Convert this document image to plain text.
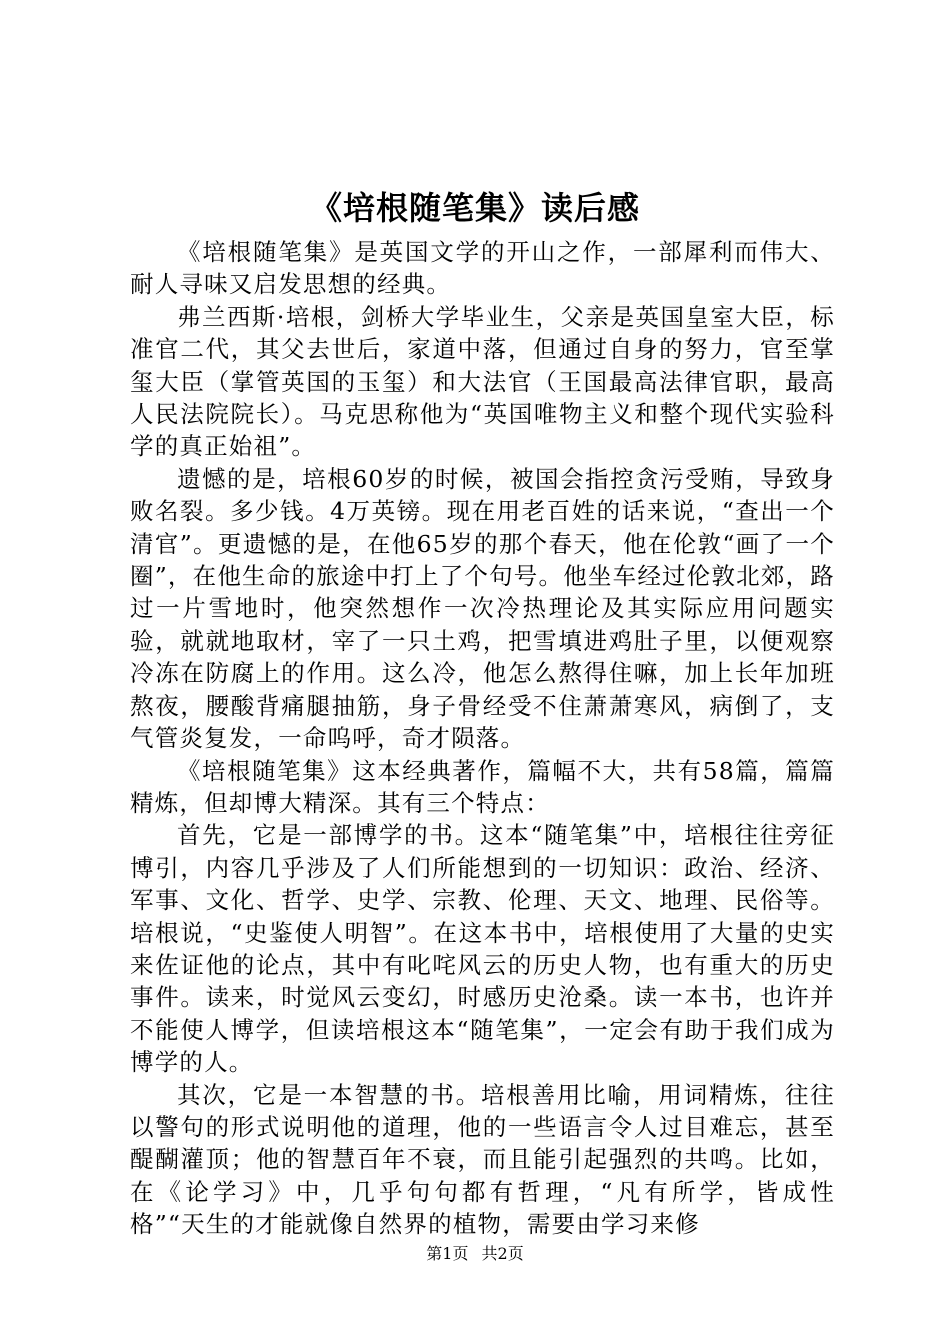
《培根随笔集》读后感

《培根随笔集》是英国文学的开山之作，一部犀利而伟大、耐人寻味又启发思想的经典。

弗兰西斯·培根，剑桥大学毕业生，父亲是英国皇室大臣，标准官二代，其父去世后，家道中落，但通过自身的努力，官至掌玺大臣（掌管英国的玉玺）和大法官（王国最高法律官职，最高人民法院院长）。马克思称他为“英国唯物主义和整个现代实验科学的真正始祖”。

遗憾的是，培根60岁的时候，被国会指控贪污受贿，导致身败名裂。多少钱。4万英镑。现在用老百姓的话来说，“查出一个清官”。更遗憾的是，在他65岁的那个春天，他在伦敦“画了一个圈”，在他生命的旅途中打上了个句号。他坐车经过伦敦北郊，路过一片雪地时，他突然想作一次冷热理论及其实际应用问题实验，就就地取材，宰了一只土鸡，把雪填进鸡肚子里，以便观察冷冻在防腐上的作用。这么冷，他怎么熬得住嘛，加上长年加班熬夜，腰酸背痛腿抽筋，身子骨经受不住萧萧寒风，病倒了，支气管炎复发，一命呜呼，奇才陨落。

《培根随笔集》这本经典著作，篇幅不大，共有58篇，篇篇精炼，但却博大精深。其有三个特点：

首先，它是一部博学的书。这本“随笔集”中，培根往往旁征博引，内容几乎涉及了人们所能想到的一切知识：政治、经济、军事、文化、哲学、史学、宗教、伦理、天文、地理、民俗等。培根说，“史鉴使人明智”。在这本书中，培根使用了大量的史实来佐证他的论点，其中有叱咤风云的历史人物，也有重大的历史事件。读来，时觉风云变幻，时感历史沧桑。读一本书，也许并不能使人博学，但读培根这本“随笔集”，一定会有助于我们成为博学的人。

其次，它是一本智慧的书。培根善用比喻，用词精炼，往往以警句的形式说明他的道理，他的一些语言令人过目难忘，甚至醍醐灌顶；他的智慧百年不衰，而且能引起强烈的共鸣。比如，在《论学习》中，几乎句句都有哲理，“凡有所学，皆成性格”“天生的才能就像自然界的植物，需要由学习来修

第1页 共2页
